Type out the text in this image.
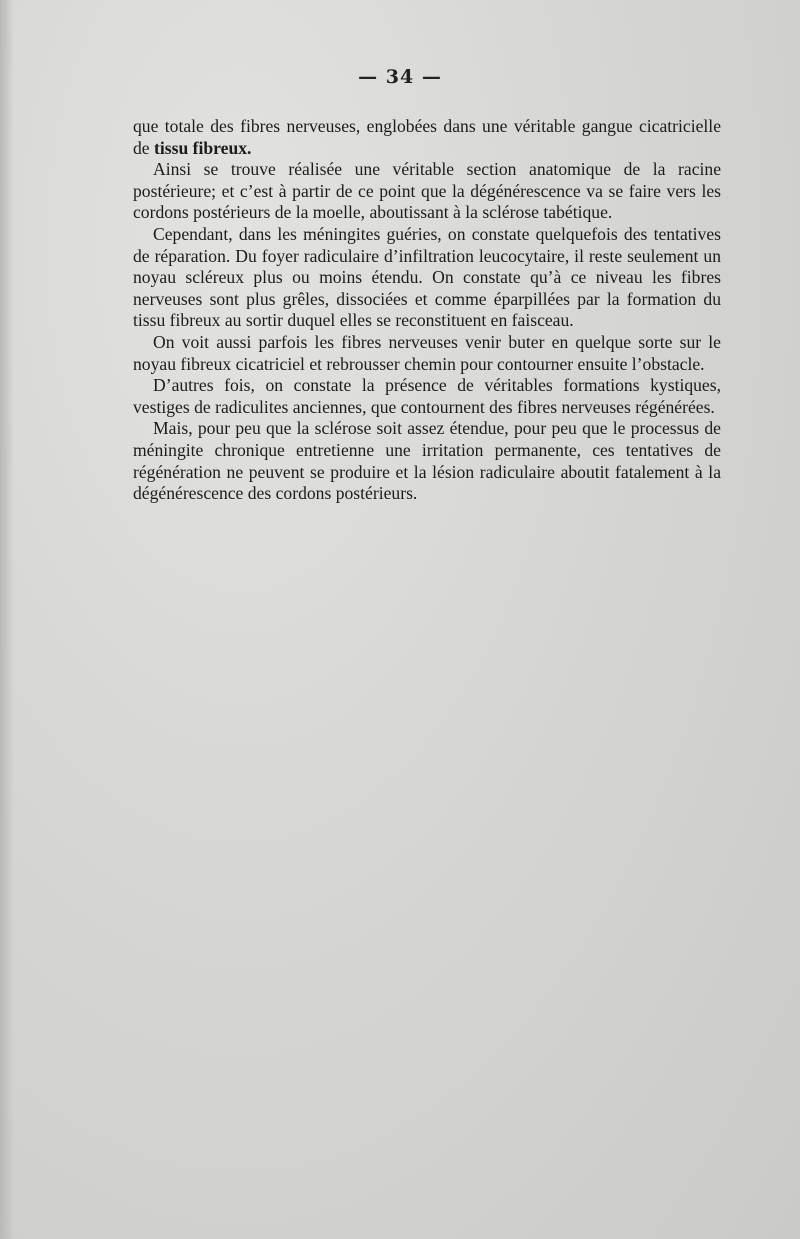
— 34 —

que totale des fibres nerveuses, englobées dans une véritable gangue cicatricielle de tissu fibreux.

Ainsi se trouve réalisée une véritable section anatomique de la racine postérieure; et c’est à partir de ce point que la dégénérescence va se faire vers les cordons postérieurs de la moelle, aboutissant à la sclérose tabétique.

Cependant, dans les méningites guéries, on constate quelquefois des tentatives de réparation. Du foyer radiculaire d’infiltration leucocytaire, il reste seulement un noyau scléreux plus ou moins étendu. On constate qu’à ce niveau les fibres nerveuses sont plus grêles, dissociées et comme éparpillées par la formation du tissu fibreux au sortir duquel elles se reconstituent en faisceau.

On voit aussi parfois les fibres nerveuses venir buter en quelque sorte sur le noyau fibreux cicatriciel et rebrousser chemin pour contourner ensuite l’obstacle.

D’autres fois, on constate la présence de véritables formations kystiques, vestiges de radiculites anciennes, que contournent des fibres nerveuses régénérées.

Mais, pour peu que la sclérose soit assez étendue, pour peu que le processus de méningite chronique entretienne une irritation permanente, ces tentatives de régénération ne peuvent se produire et la lésion radiculaire aboutit fatalement à la dégénérescence des cordons postérieurs.
